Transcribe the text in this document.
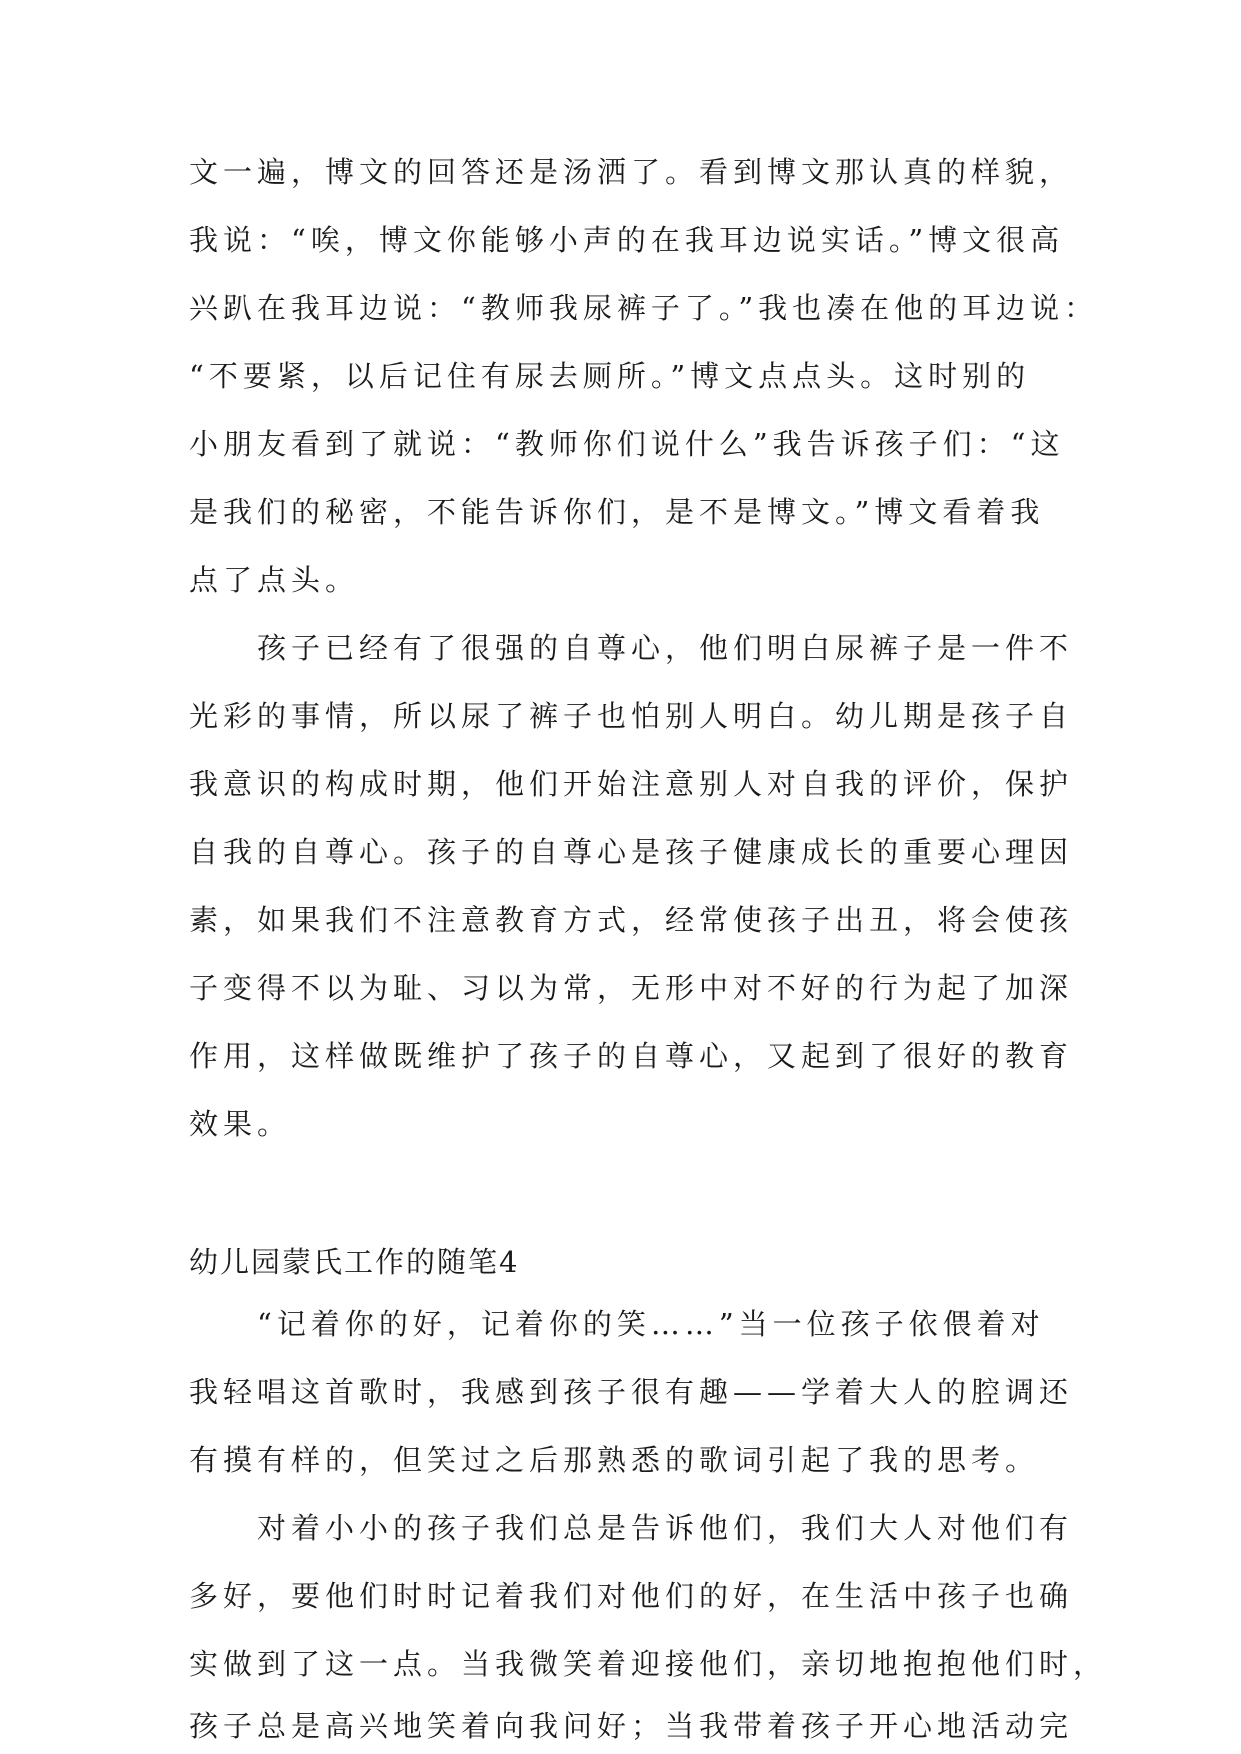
文一遍，博文的回答还是汤洒了。看到博文那认真的样貌，
我说：“唉，博文你能够小声的在我耳边说实话。”博文很高
兴趴在我耳边说：“教师我尿裤子了。”我也凑在他的耳边说：
“不要紧，以后记住有尿去厕所。”博文点点头。这时别的
小朋友看到了就说：“教师你们说什么”我告诉孩子们：“这
是我们的秘密，不能告诉你们，是不是博文。”博文看着我
点了点头。
　　孩子已经有了很强的自尊心，他们明白尿裤子是一件不
光彩的事情，所以尿了裤子也怕别人明白。幼儿期是孩子自
我意识的构成时期，他们开始注意别人对自我的评价，保护
自我的自尊心。孩子的自尊心是孩子健康成长的重要心理因
素，如果我们不注意教育方式，经常使孩子出丑，将会使孩
子变得不以为耻、习以为常，无形中对不好的行为起了加深
作用，这样做既维护了孩子的自尊心，又起到了很好的教育
效果。
幼儿园蒙氏工作的随笔4
　　“记着你的好，记着你的笑……”当一位孩子依偎着对
我轻唱这首歌时，我感到孩子很有趣——学着大人的腔调还
有摸有样的，但笑过之后那熟悉的歌词引起了我的思考。
　　对着小小的孩子我们总是告诉他们，我们大人对他们有
多好，要他们时时记着我们对他们的好，在生活中孩子也确
实做到了这一点。当我微笑着迎接他们，亲切地抱抱他们时，
孩子总是高兴地笑着向我问好；当我带着孩子开心地活动完
